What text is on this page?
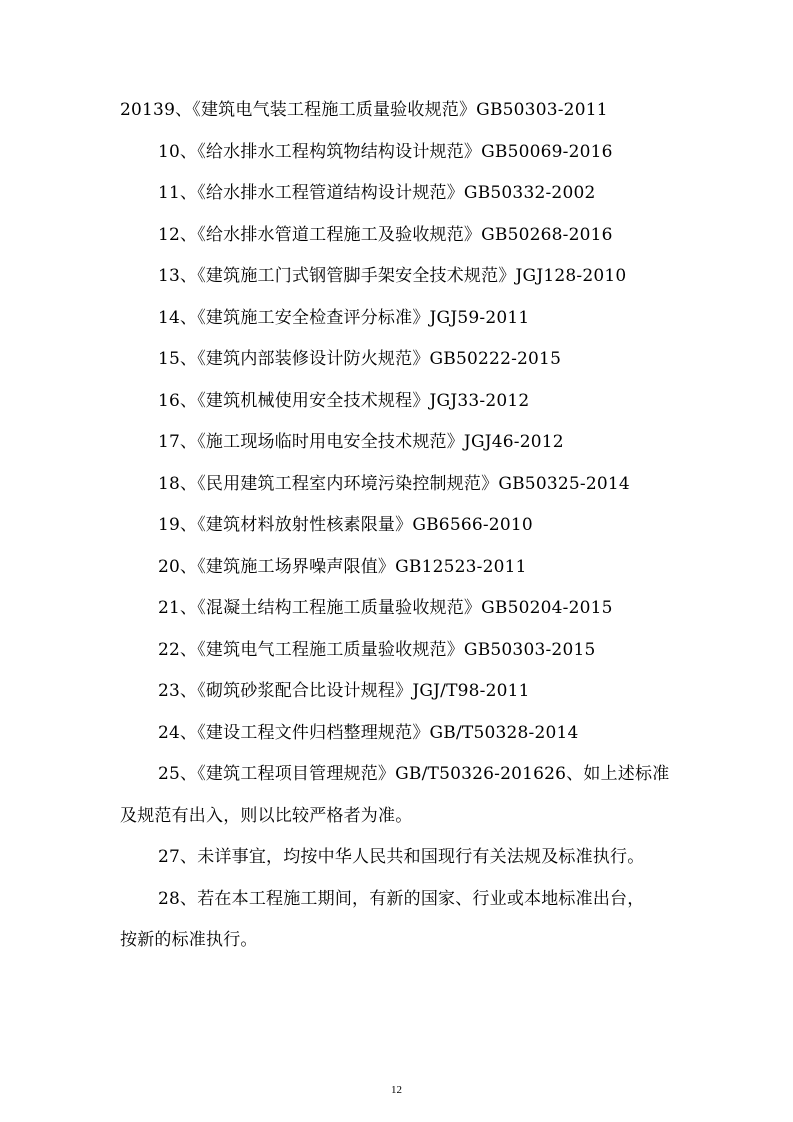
20139、《建筑电气装工程施工质量验收规范》GB50303-2011
10、《给水排水工程构筑物结构设计规范》GB50069-2016
11、《给水排水工程管道结构设计规范》GB50332-2002
12、《给水排水管道工程施工及验收规范》GB50268-2016
13、《建筑施工门式钢管脚手架安全技术规范》JGJ128-2010
14、《建筑施工安全检查评分标准》JGJ59-2011
15、《建筑内部装修设计防火规范》GB50222-2015
16、《建筑机械使用安全技术规程》JGJ33-2012
17、《施工现场临时用电安全技术规范》JGJ46-2012
18、《民用建筑工程室内环境污染控制规范》GB50325-2014
19、《建筑材料放射性核素限量》GB6566-2010
20、《建筑施工场界噪声限值》GB12523-2011
21、《混凝土结构工程施工质量验收规范》GB50204-2015
22、《建筑电气工程施工质量验收规范》GB50303-2015
23、《砌筑砂浆配合比设计规程》JGJ/T98-2011
24、《建设工程文件归档整理规范》GB/T50328-2014
25、《建筑工程项目管理规范》GB/T50326-201626、如上述标准
及规范有出入，则以比较严格者为准。
27、未详事宜，均按中华人民共和国现行有关法规及标准执行。
28、若在本工程施工期间，有新的国家、行业或本地标准出台，
按新的标准执行。
12
